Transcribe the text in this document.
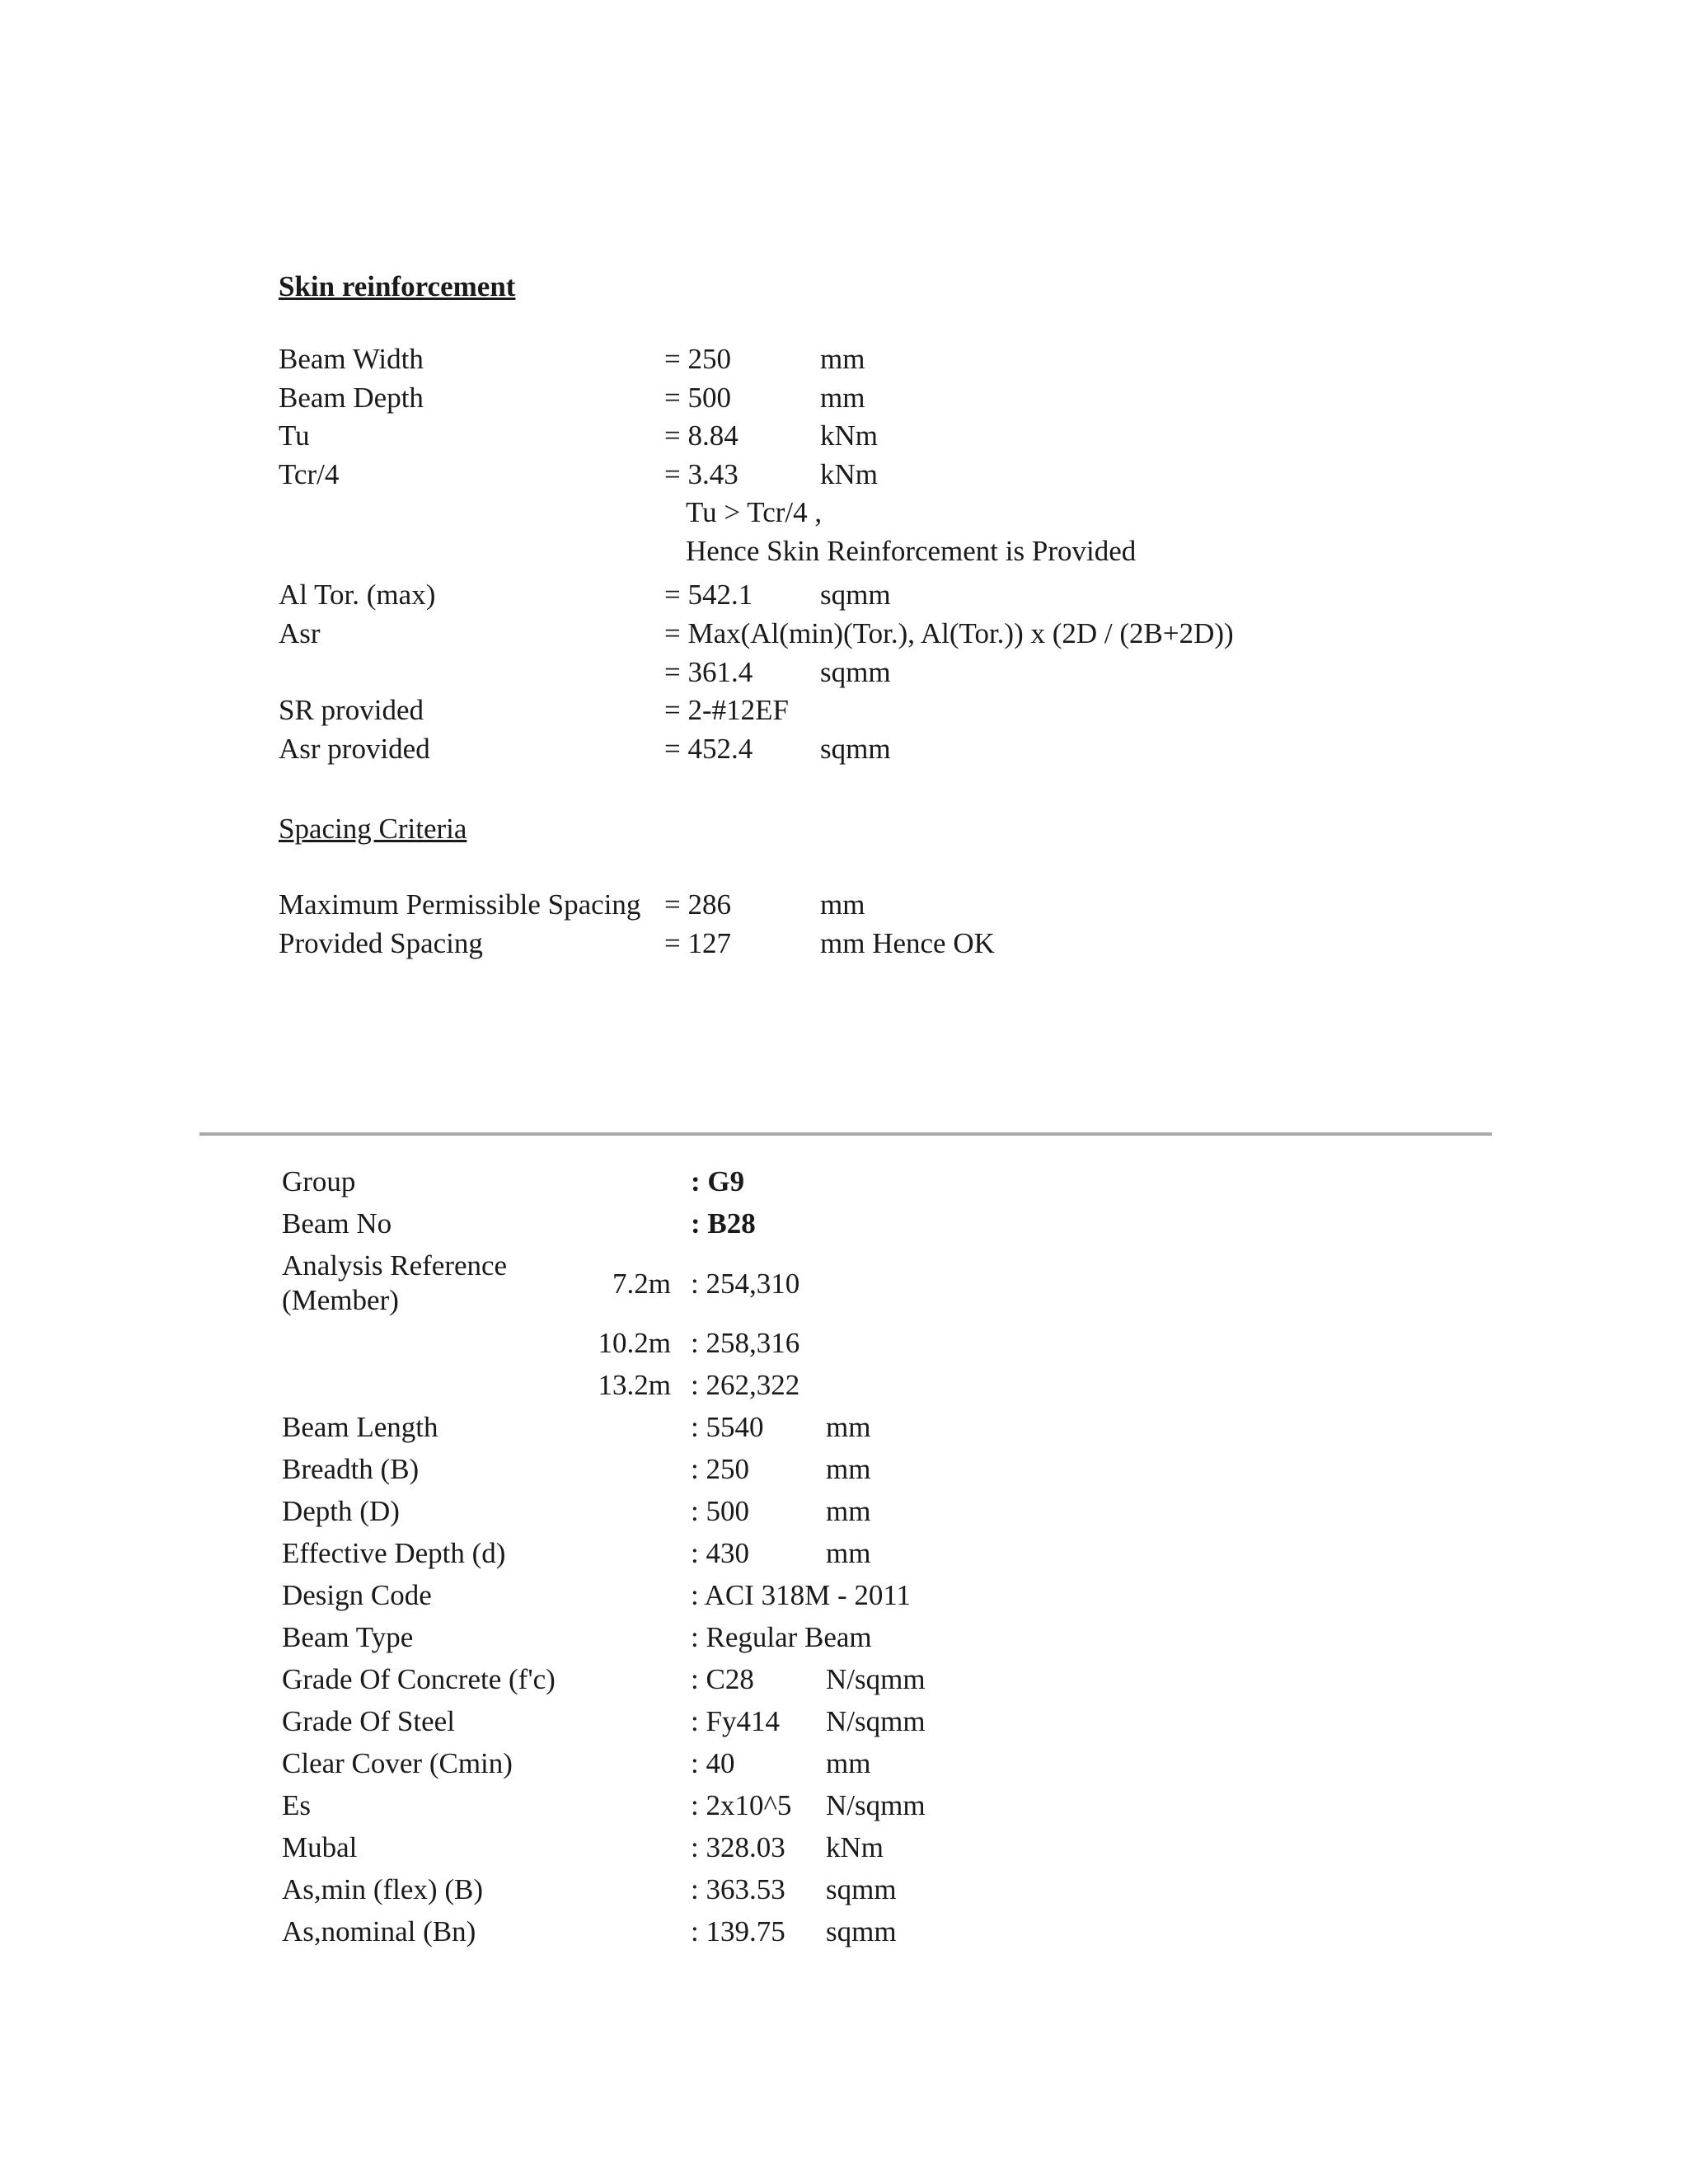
Skin reinforcement
Beam Width	= 250	mm
Beam Depth	= 500	mm
Tu	= 8.84	kNm
Tcr/4	= 3.43	kNm
Tu > Tcr/4 ,
Hence Skin Reinforcement is Provided
Al Tor. (max)	= 542.1 sqmm
Asr	= Max(Al(min)(Tor.), Al(Tor.)) x (2D / (2B+2D))
= 361.4 sqmm
SR provided	= 2-#12EF
Asr provided	= 452.4 sqmm
Spacing Criteria
Maximum Permissible Spacing = 286	mm
Provided Spacing	= 127	mm Hence OK
Group	: G9
Beam No	: B28
Analysis Reference (Member)
7.2m : 254,310
10.2m : 258,316
13.2m : 262,322
Beam Length	: 5540 mm
Breadth (B)	: 250	mm
Depth (D)	: 500	mm
Effective Depth (d)	: 430	mm
Design Code	: ACI 318M - 2011
Beam Type	: Regular Beam
Grade Of Concrete (f'c)	: C28 N/sqmm
Grade Of Steel	: Fy414 N/sqmm
Clear Cover (Cmin)	: 40	mm
Es	: 2x10^5 N/sqmm
Mubal	: 328.03 kNm
As,min (flex) (B)	: 363.53 sqmm
As,nominal (Bn)	: 139.75 sqmm
